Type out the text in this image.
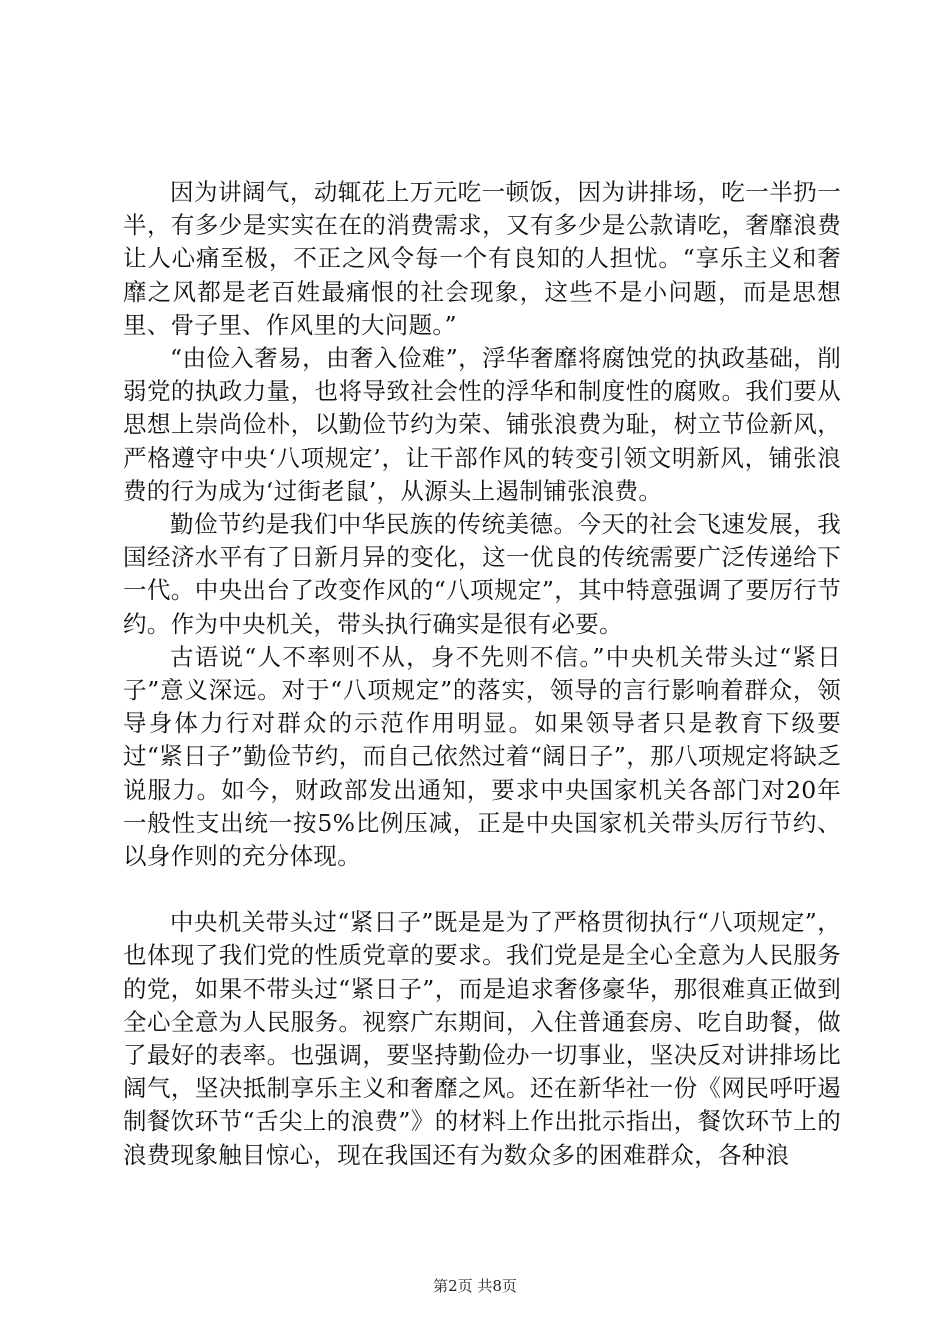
因为讲阔气，动辄花上万元吃一顿饭，因为讲排场，吃一半扔一半，有多少是实实在在的消费需求，又有多少是公款请吃，奢靡浪费让人心痛至极，不正之风令每一个有良知的人担忧。“享乐主义和奢靡之风都是老百姓最痛恨的社会现象，这些不是小问题，而是思想里、骨子里、作风里的大问题。”

“由俭入奢易，由奢入俭难”，浮华奢靡将腐蚀党的执政基础，削弱党的执政力量，也将导致社会性的浮华和制度性的腐败。我们要从思想上崇尚俭朴，以勤俭节约为荣、铺张浪费为耻，树立节俭新风，严格遵守中央‘八项规定’，让干部作风的转变引领文明新风，铺张浪费的行为成为‘过街老鼠’，从源头上遏制铺张浪费。

勤俭节约是我们中华民族的传统美德。今天的社会飞速发展，我国经济水平有了日新月异的变化，这一优良的传统需要广泛传递给下一代。中央出台了改变作风的“八项规定”，其中特意强调了要厉行节约。作为中央机关，带头执行确实是很有必要。

古语说“人不率则不从，身不先则不信。”中央机关带头过“紧日子”意义深远。对于“八项规定”的落实，领导的言行影响着群众，领导身体力行对群众的示范作用明显。如果领导者只是教育下级要过“紧日子”勤俭节约，而自己依然过着“阔日子”，那八项规定将缺乏说服力。如今，财政部发出通知，要求中央国家机关各部门对20年一般性支出统一按5%比例压减，正是中央国家机关带头厉行节约、以身作则的充分体现。

中央机关带头过“紧日子”既是是为了严格贯彻执行“八项规定”，也体现了我们党的性质党章的要求。我们党是是全心全意为人民服务的党，如果不带头过“紧日子”，而是追求奢侈豪华，那很难真正做到全心全意为人民服务。视察广东期间，入住普通套房、吃自助餐，做了最好的表率。也强调，要坚持勤俭办一切事业，坚决反对讲排场比阔气，坚决抵制享乐主义和奢靡之风。还在新华社一份《网民呼吁遏制餐饮环节“舌尖上的浪费”》的材料上作出批示指出，餐饮环节上的浪费现象触目惊心，现在我国还有为数众多的困难群众，各种浪

第2页 共8页
